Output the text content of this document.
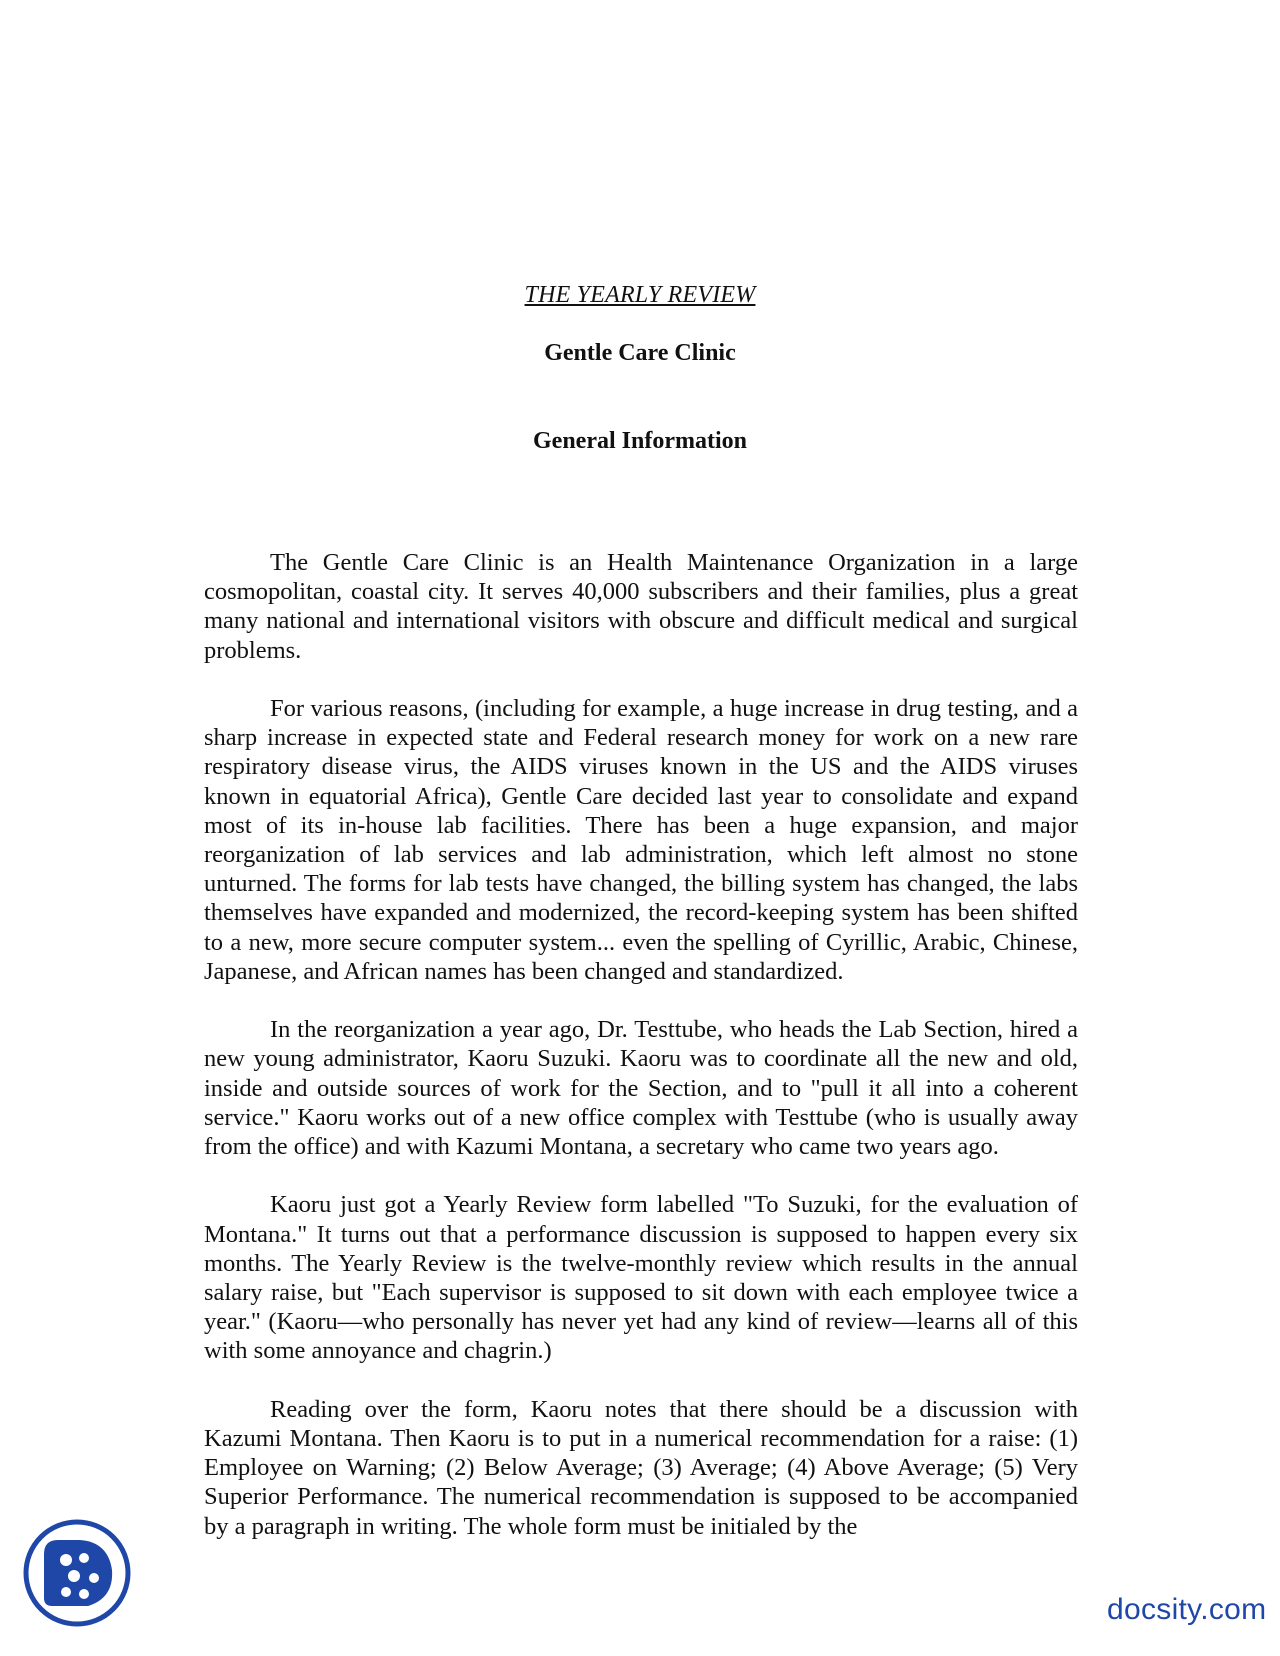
THE YEARLY REVIEW
Gentle Care Clinic
General Information

The Gentle Care Clinic is an Health Maintenance Organization in a large cosmopolitan, coastal city. It serves 40,000 subscribers and their families, plus a great many national and international visitors with obscure and difficult medical and surgical problems.

For various reasons, (including for example, a huge increase in drug testing, and a sharp increase in expected state and Federal research money for work on a new rare respiratory disease virus, the AIDS viruses known in the US and the AIDS viruses known in equatorial Africa), Gentle Care decided last year to consolidate and expand most of its in-house lab facilities. There has been a huge expansion, and major reorganization of lab services and lab administration, which left almost no stone unturned. The forms for lab tests have changed, the billing system has changed, the labs themselves have expanded and modernized, the record-keeping system has been shifted to a new, more secure computer system... even the spelling of Cyrillic, Arabic, Chinese, Japanese, and African names has been changed and standardized.

In the reorganization a year ago, Dr. Testtube, who heads the Lab Section, hired a new young administrator, Kaoru Suzuki. Kaoru was to coordinate all the new and old, inside and outside sources of work for the Section, and to "pull it all into a coherent service." Kaoru works out of a new office complex with Testtube (who is usually away from the office) and with Kazumi Montana, a secretary who came two years ago.

Kaoru just got a Yearly Review form labelled "To Suzuki, for the evaluation of Montana." It turns out that a performance discussion is supposed to happen every six months. The Yearly Review is the twelve-monthly review which results in the annual salary raise, but "Each supervisor is supposed to sit down with each employee twice a year." (Kaoru—who personally has never yet had any kind of review—learns all of this with some annoyance and chagrin.)

Reading over the form, Kaoru notes that there should be a discussion with Kazumi Montana. Then Kaoru is to put in a numerical recommendation for a raise: (1) Employee on Warning; (2) Below Average; (3) Average; (4) Above Average; (5) Very Superior Performance. The numerical recommendation is supposed to be accompanied by a paragraph in writing. The whole form must be initialed by the

docsity.com
